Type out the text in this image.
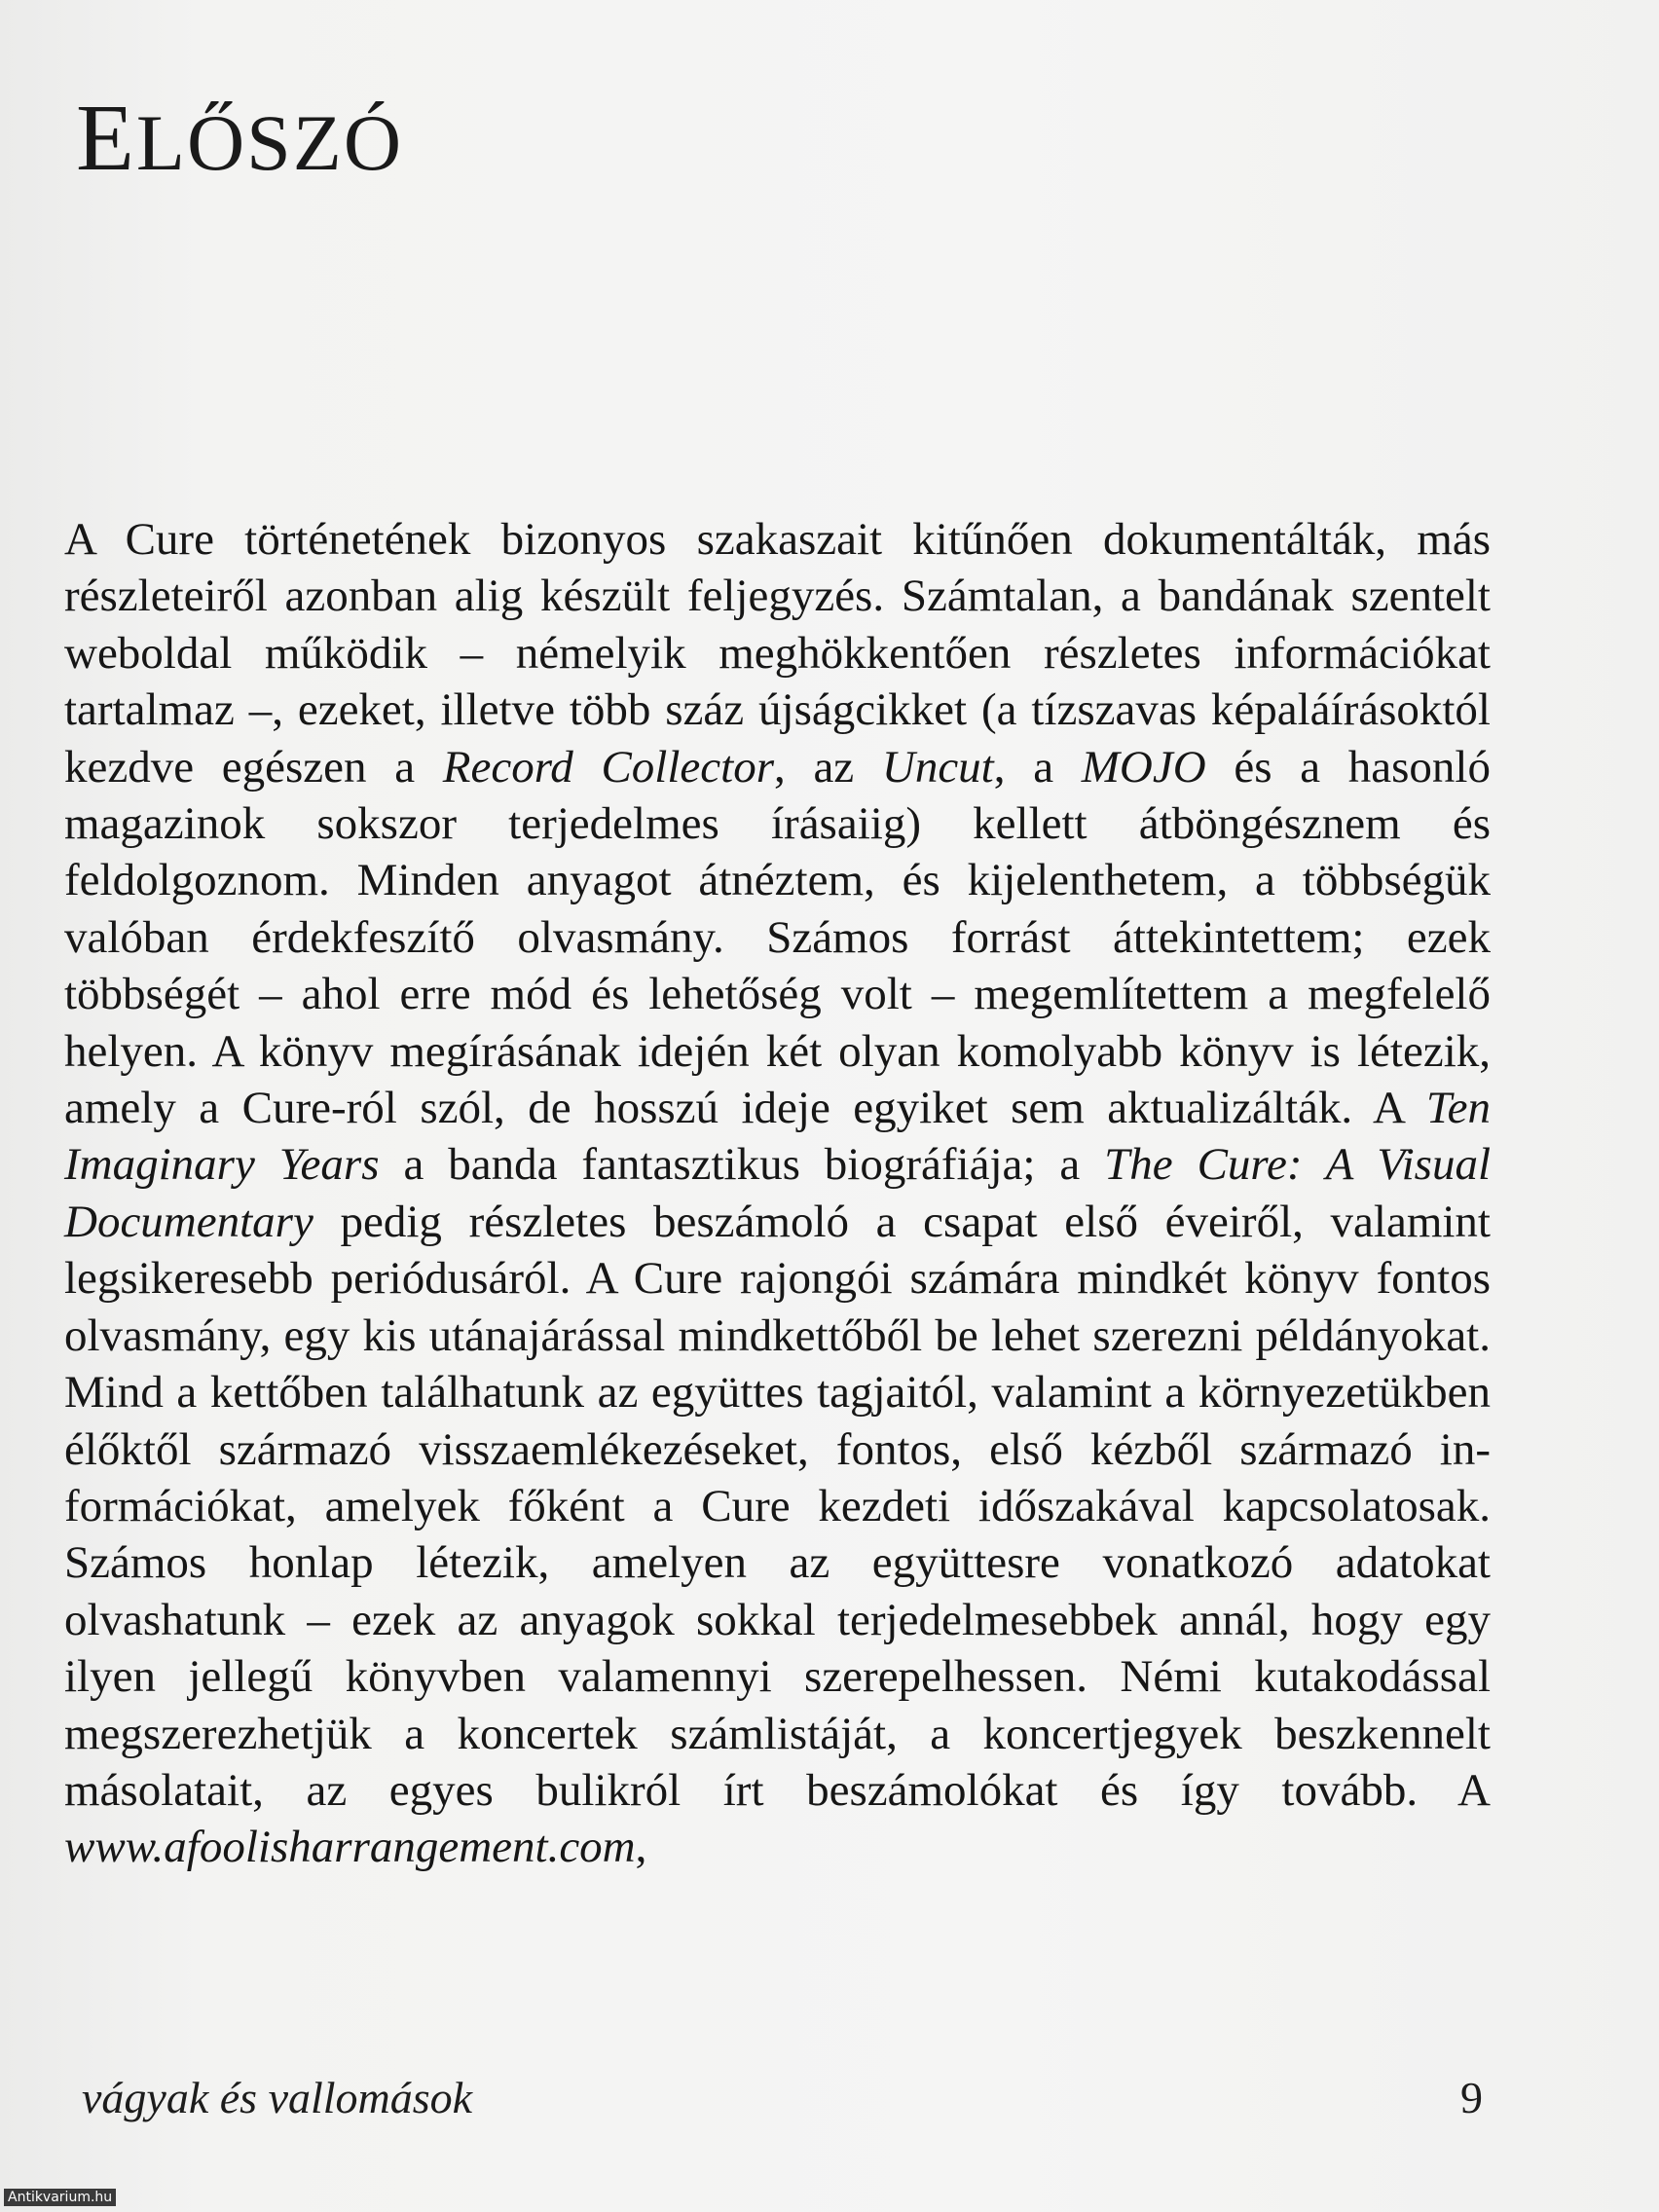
ELŐSZÓ

A Cure történetének bizonyos szakaszait kitűnően dokumentálták, más részleteiről azonban alig készült feljegyzés. Számtalan, a bandának szentelt weboldal működik – némelyik meghökkentően részletes információkat tartalmaz –, ezeket, illetve több száz újságcikket (a tízszavas képaláírásoktól kezdve egészen a Record Collector, az Uncut, a MOJO és a hasonló magazinok sokszor terjedelmes írásaiig) kellett átböngésznem és feldolgoznom. Minden anyagot átnéztem, és kijelenthetem, a többségük valóban érdekfeszítő olvasmány. Számos forrást áttekintettem; ezek többségét – ahol erre mód és lehetőség volt – megemlítettem a megfelelő helyen. A könyv megírásának idején két olyan komolyabb könyv is létezik, amely a Cure-ról szól, de hosszú ideje egyiket sem aktualizálták. A Ten Imaginary Years a banda fantasztikus biográfiája; a The Cure: A Visual Documentary pedig részletes beszámoló a csapat első éveiről, valamint legsikeresebb periódusáról. A Cure rajongói számára mindkét könyv fontos olvasmány, egy kis utánajárással mindkettőből be lehet szerezni példányokat. Mind a kettőben találhatunk az együttes tagjaitól, valamint a környezetükben élőktől származó visszaemlékezéseket, fontos, első kézből származó információkat, amelyek főként a Cure kezdeti időszakával kapcsolatosak. Számos honlap létezik, amelyen az együttesre vonatkozó adatokat olvashatunk – ezek az anyagok sokkal terjedelmesebbek annál, hogy egy ilyen jellegű könyvben valamennyi szerepelhessen. Némi kutakodással megszerezhetjük a koncertek számlistáját, a koncertjegyek beszkennelt másolatait, az egyes bulikról írt beszámolókat és így tovább. A www.afoolisharrangement.com,

vágyak és vallomások	9
Antikvarium.hu
